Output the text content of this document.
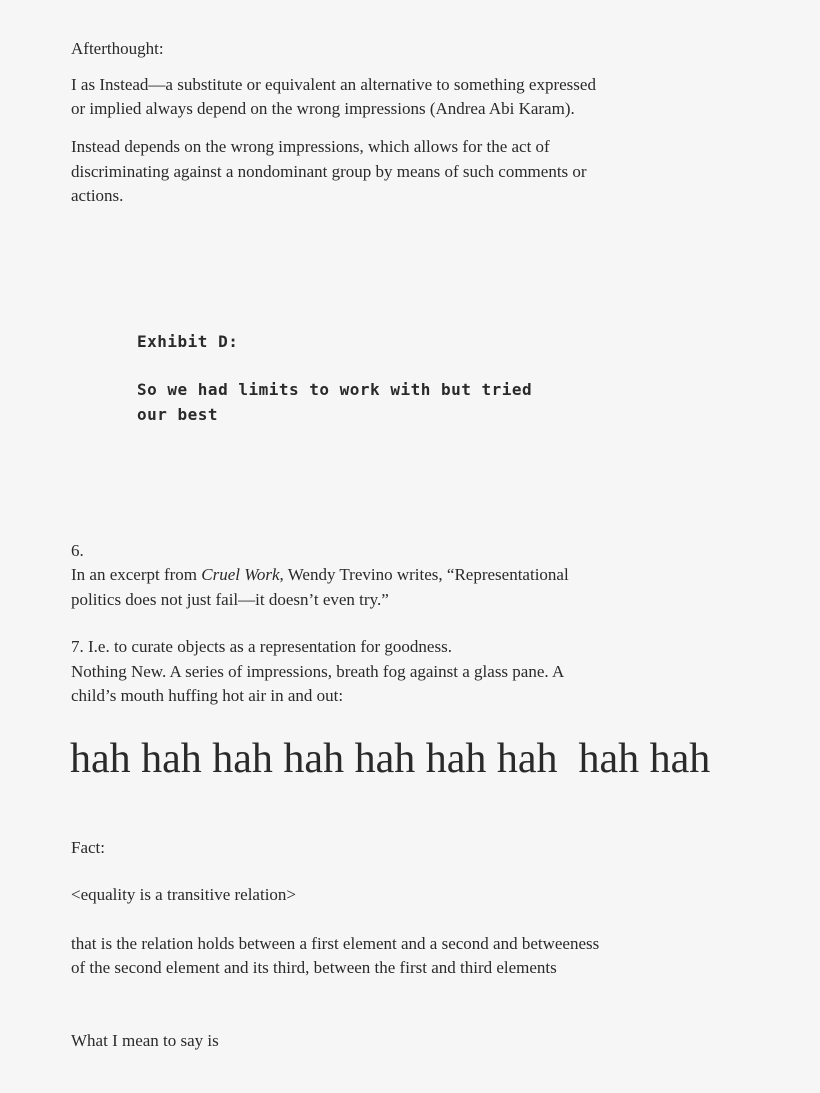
Afterthought:
I as Instead—a substitute or equivalent an alternative to something expressed
or implied always depend on the wrong impressions (Andrea Abi Karam).
Instead depends on the wrong impressions, which allows for the act of
discriminating against a nondominant group by means of such comments or
actions.
Exhibit D:
So we had limits to work with but tried
our best
6.
In an excerpt from Cruel Work, Wendy Trevino writes, “Representational
politics does not just fail—it doesn’t even try.”
7. I.e. to curate objects as a representation for goodness.
Nothing New. A series of impressions, breath fog against a glass pane. A
child’s mouth huffing hot air in and out:
hah hah hah hah hah hah hah  hah hah
Fact:
<equality is a transitive relation>
that is the relation holds between a first element and a second and betweeness
of the second element and its third, between the first and third elements
What I mean to say is
